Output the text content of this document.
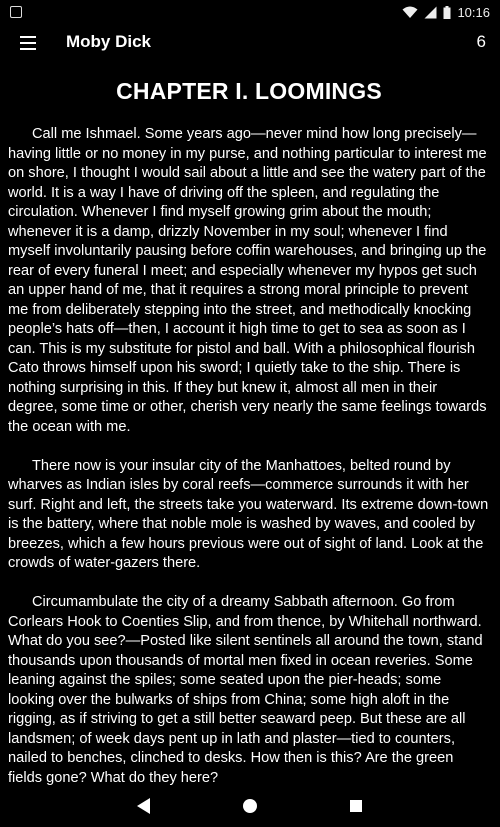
10:16
Moby Dick	6
CHAPTER I. LOOMINGS

Call me Ishmael. Some years ago—never mind how long precisely—having little or no money in my purse, and nothing particular to interest me on shore, I thought I would sail about a little and see the watery part of the world. It is a way I have of driving off the spleen, and regulating the circulation. Whenever I find myself growing grim about the mouth; whenever it is a damp, drizzly November in my soul; whenever I find myself involuntarily pausing before coffin warehouses, and bringing up the rear of every funeral I meet; and especially whenever my hypos get such an upper hand of me, that it requires a strong moral principle to prevent me from deliberately stepping into the street, and methodically knocking people’s hats off—then, I account it high time to get to sea as soon as I can. This is my substitute for pistol and ball. With a philosophical flourish Cato throws himself upon his sword; I quietly take to the ship. There is nothing surprising in this. If they but knew it, almost all men in their degree, some time or other, cherish very nearly the same feelings towards the ocean with me.

There now is your insular city of the Manhattoes, belted round by wharves as Indian isles by coral reefs—commerce surrounds it with her surf. Right and left, the streets take you waterward. Its extreme down-town is the battery, where that noble mole is washed by waves, and cooled by breezes, which a few hours previous were out of sight of land. Look at the crowds of water-gazers there.

Circumambulate the city of a dreamy Sabbath afternoon. Go from Corlears Hook to Coenties Slip, and from thence, by Whitehall northward. What do you see?—Posted like silent sentinels all around the town, stand thousands upon thousands of mortal men fixed in ocean reveries. Some leaning against the spiles; some seated upon the pier-heads; some looking over the bulwarks of ships from China; some high aloft in the rigging, as if striving to get a still better seaward peep. But these are all landsmen; of week days pent up in lath and plaster—tied to counters, nailed to benches, clinched to desks. How then is this? Are the green fields gone? What do they here?
